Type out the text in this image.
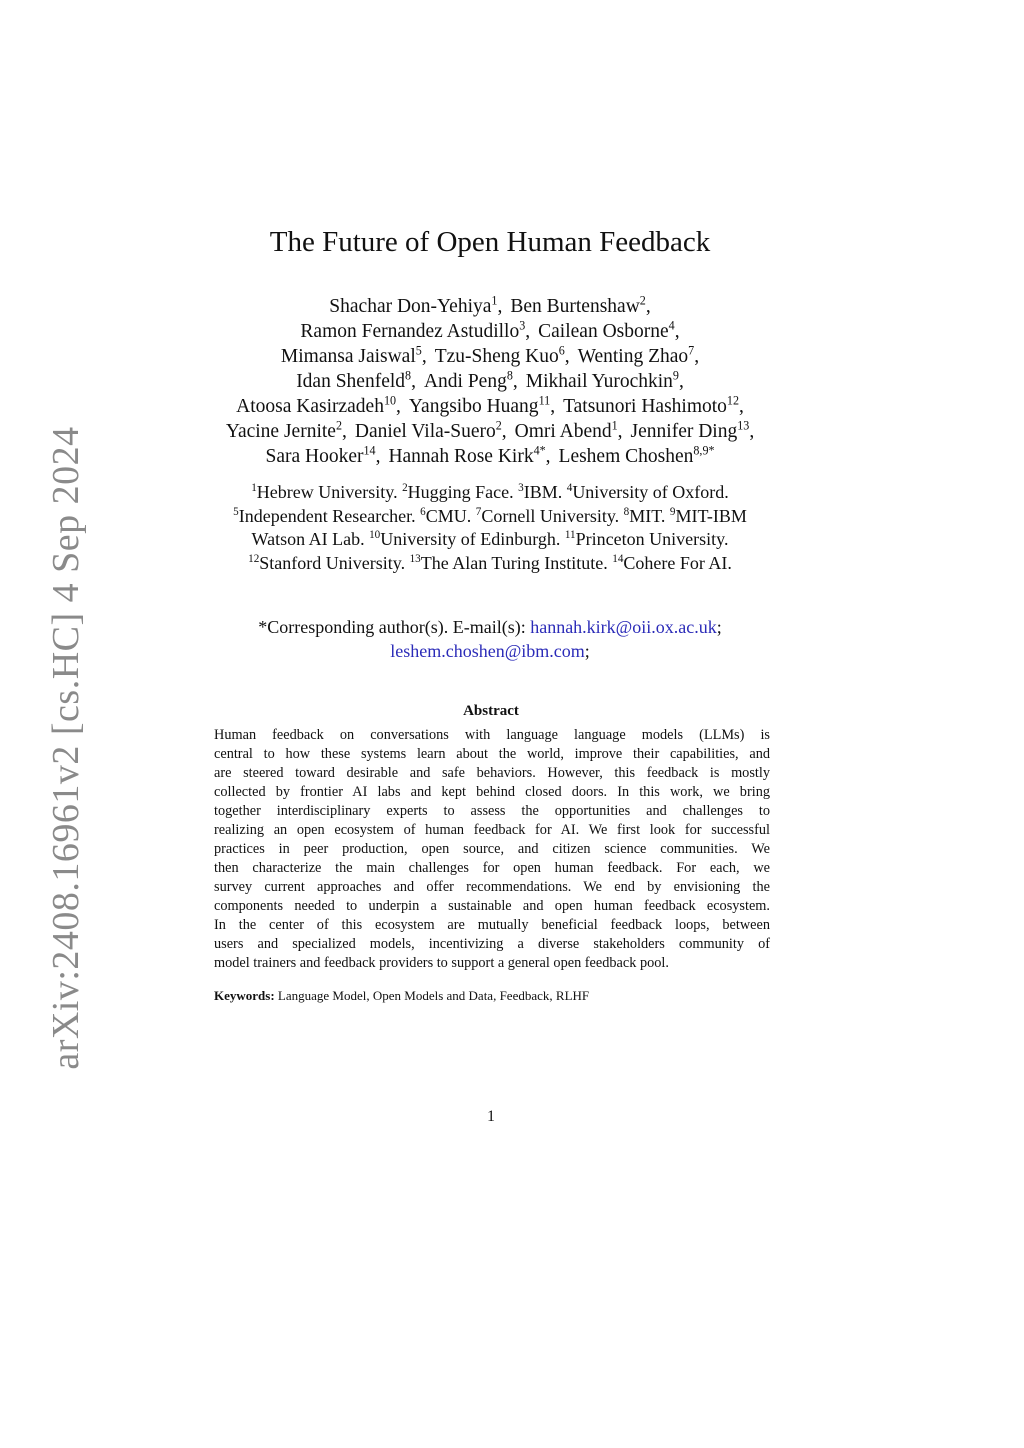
arXiv:2408.16961v2 [cs.HC] 4 Sep 2024
The Future of Open Human Feedback
Shachar Don-Yehiya$^1$, Ben Burtenshaw$^2$,
Ramon Fernandez Astudillo$^3$, Cailean Osborne$^4$,
Mimansa Jaiswal$^5$, Tzu-Sheng Kuo$^6$, Wenting Zhao$^7$,
Idan Shenfeld$^8$, Andi Peng$^8$, Mikhail Yurochkin$^9$,
Atoosa Kasirzadeh$^{10}$, Yangsibo Huang$^{11}$, Tatsunori Hashimoto$^{12}$,
Yacine Jernite$^2$, Daniel Vila-Suero$^2$, Omri Abend$^1$, Jennifer Ding$^{13}$,
Sara Hooker$^{14}$, Hannah Rose Kirk$^{4*}$, Leshem Choshen$^{8,9*}$
$^1$Hebrew University. $^2$Hugging Face. $^3$IBM. $^4$University of Oxford.
$^5$Independent Researcher. $^6$CMU. $^7$Cornell University. $^8$MIT. $^9$MIT-IBM
Watson AI Lab. $^{10}$University of Edinburgh. $^{11}$Princeton University.
$^{12}$Stanford University. $^{13}$The Alan Turing Institute. $^{14}$Cohere For AI.
*Corresponding author(s). E-mail(s): hannah.kirk@oii.ox.ac.uk;
leshem.choshen@ibm.com;
Abstract
Human feedback on conversations with language language models (LLMs) is
central to how these systems learn about the world, improve their capabilities, and
are steered toward desirable and safe behaviors. However, this feedback is mostly
collected by frontier AI labs and kept behind closed doors. In this work, we bring
together interdisciplinary experts to assess the opportunities and challenges to
realizing an open ecosystem of human feedback for AI. We first look for successful
practices in peer production, open source, and citizen science communities. We
then characterize the main challenges for open human feedback. For each, we
survey current approaches and offer recommendations. We end by envisioning the
components needed to underpin a sustainable and open human feedback ecosystem.
In the center of this ecosystem are mutually beneficial feedback loops, between
users and specialized models, incentivizing a diverse stakeholders community of
model trainers and feedback providers to support a general open feedback pool.
Keywords: Language Model, Open Models and Data, Feedback, RLHF
1
